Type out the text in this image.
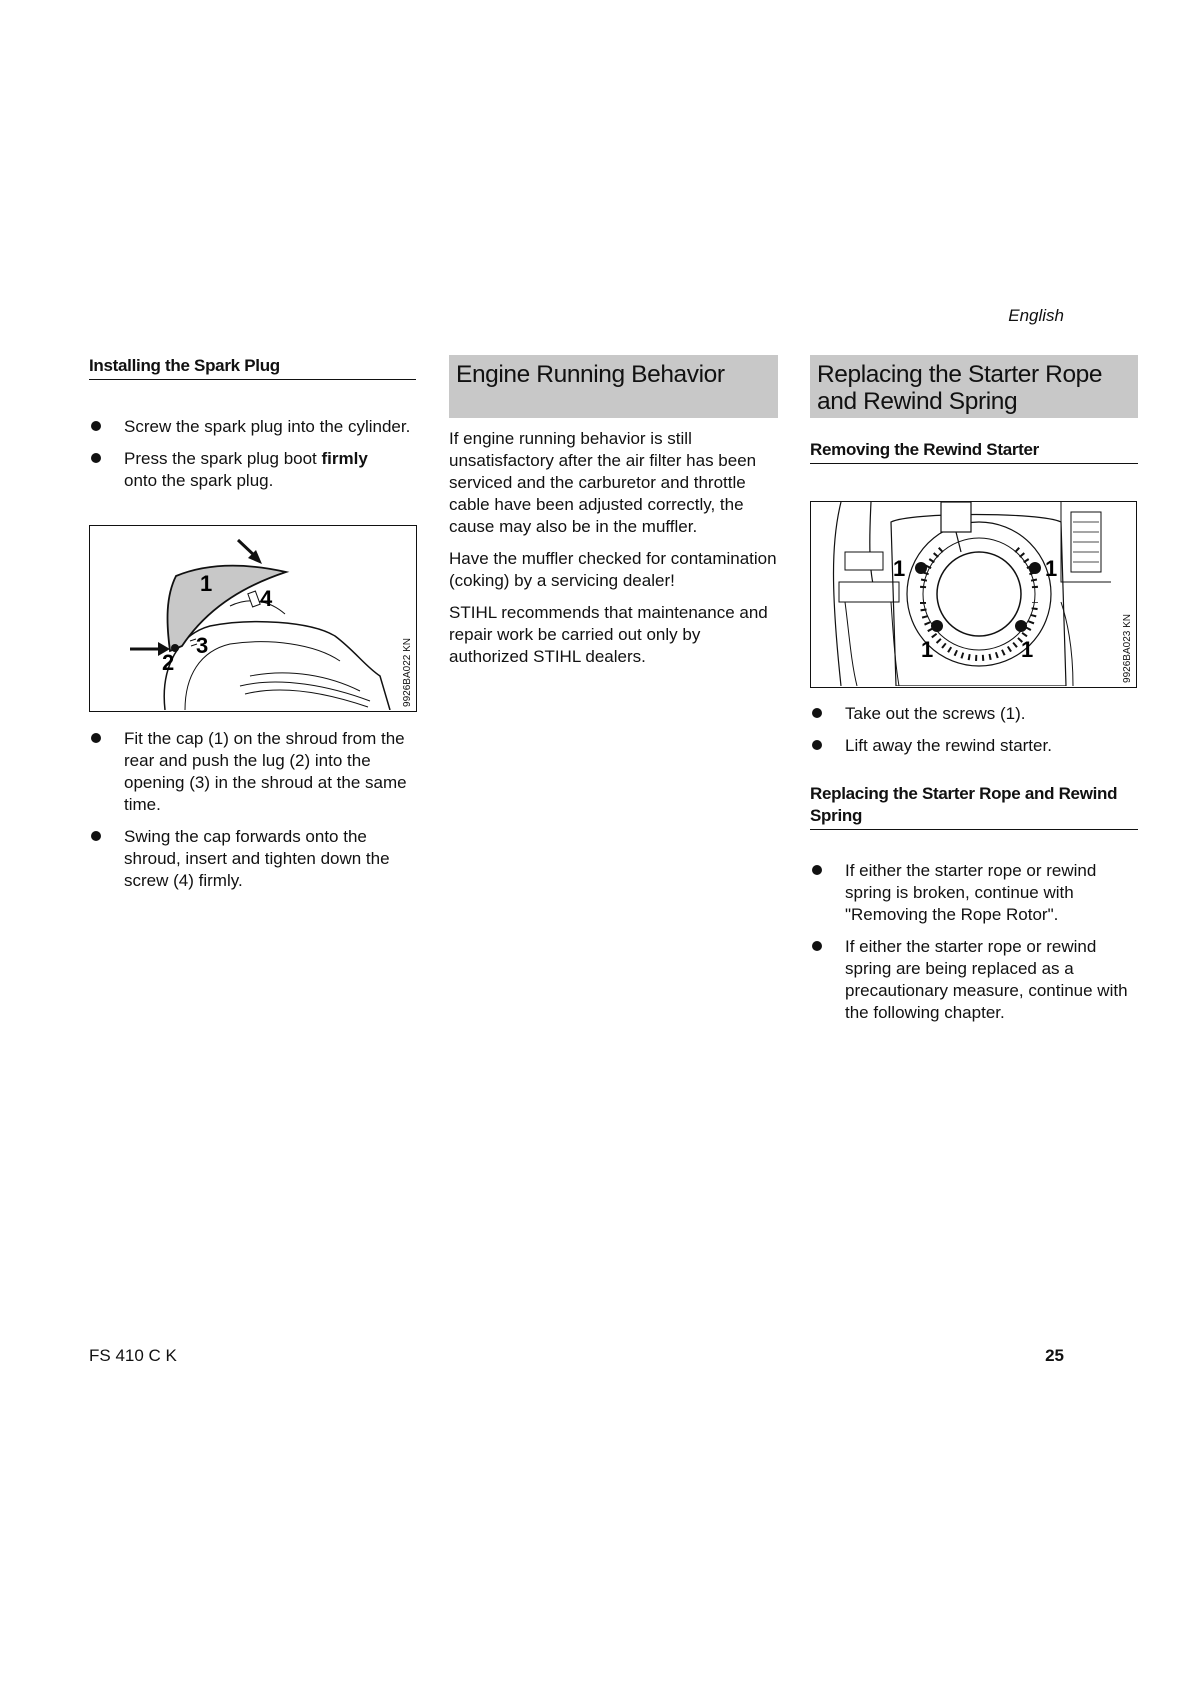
English
Installing the Spark Plug
Screw the spark plug into the cylinder.
Press the spark plug boot firmly
onto the spark plug.
1
4
2
3	9926BA022 KN
Fit the cap (1) on the shroud from the rear and push the lug (2) into the opening (3) in the shroud at the same time.
Swing the cap forwards onto the shroud, insert and tighten down the screw (4) firmly.
Engine Running Behavior

If engine running behavior is still unsatisfactory after the air filter has been serviced and the carburetor and throttle cable have been adjusted correctly, the cause may also be in the muffler.

Have the muffler checked for contamination (coking) by a servicing dealer!

STIHL recommends that maintenance and repair work be carried out only by authorized STIHL dealers.

Replacing the Starter Rope and Rewind Spring
Removing the Rewind Starter
1	1
1	1	9926BA023 KN
Take out the screws (1).
Lift away the rewind starter.
Replacing the Starter Rope and Rewind Spring
If either the starter rope or rewind spring is broken, continue with "Removing the Rope Rotor".
If either the starter rope or rewind spring are being replaced as a precautionary measure, continue with the following chapter.
FS 410 C K	25
